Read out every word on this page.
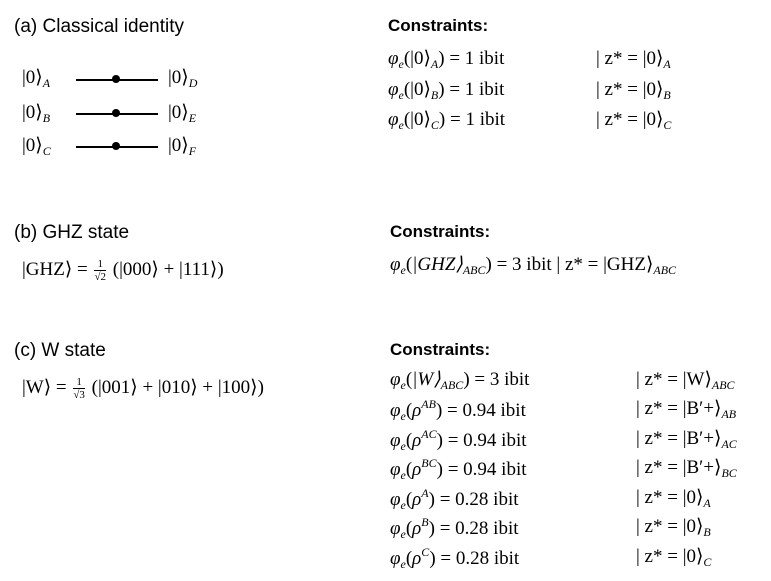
(a) Classical identity
$|0⟩_A$	$|0⟩_D$
$|0⟩_B$	$|0⟩_E$
$|0⟩_C$	$|0⟩_F$
Constraints:
$\varphi_e(|0⟩_A) = 1$ ibit	| $z* = |0⟩_A$
$\varphi_e(|0⟩_B) = 1$ ibit	| $z* = |0⟩_B$
$\varphi_e(|0⟩_C) = 1$ ibit	| $z* = |0⟩_C$
(b) GHZ state
|GHZ⟩ = $\frac{1}{√2}$ (|000⟩ + |111⟩)
Constraints:
$\varphi_e(|GHZ⟩_{ABC}) = 3$ ibit | $z* = |GHZ⟩_{ABC}$
(c) W state
|W⟩ = $\frac{1}{√3}$ (|001⟩ + |010⟩ + |100⟩)
Constraints:
$\varphi_e(|W⟩_{ABC}) = 3$ ibit	| $z* = |W⟩_{ABC}$
$\varphi_e(\rho^{AB}) = 0.94$ ibit	| $z* = |B'+⟩_{AB}$
$\varphi_e(\rho^{AC}) = 0.94$ ibit	| $z* = |B'+⟩_{AC}$
$\varphi_e(\rho^{BC}) = 0.94$ ibit	| $z* = |B'+⟩_{BC}$
$\varphi_e(\rho^A) = 0.28$ ibit	| $z* = |0⟩_A$
$\varphi_e(\rho^B) = 0.28$ ibit	| $z* = |0⟩_B$
$\varphi_e(\rho^C) = 0.28$ ibit	| $z* = |0⟩_C$
